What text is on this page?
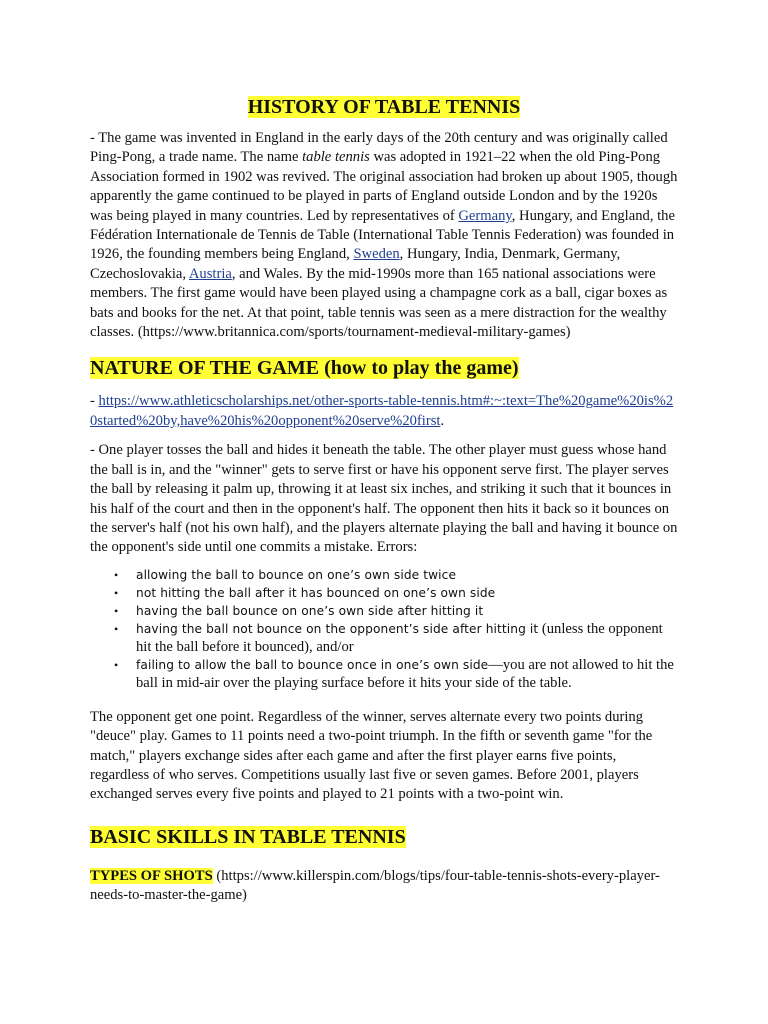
HISTORY OF TABLE TENNIS

- The game was invented in England in the early days of the 20th century and was originally called Ping-Pong, a trade name. The name table tennis was adopted in 1921–22 when the old Ping-Pong Association formed in 1902 was revived. The original association had broken up about 1905, though apparently the game continued to be played in parts of England outside London and by the 1920s was being played in many countries. Led by representatives of Germany, Hungary, and England, the Fédération Internationale de Tennis de Table (International Table Tennis Federation) was founded in 1926, the founding members being England, Sweden, Hungary, India, Denmark, Germany, Czechoslovakia, Austria, and Wales. By the mid-1990s more than 165 national associations were members. The first game would have been played using a champagne cork as a ball, cigar boxes as bats and books for the net. At that point, table tennis was seen as a mere distraction for the wealthy classes. (https://www.britannica.com/sports/tournament-medieval-military-games)

NATURE OF THE GAME (how to play the game)

- https://www.athleticscholarships.net/other-sports-table-tennis.htm#:~:text=The%20game%20is%20started%20by,have%20his%20opponent%20serve%20first.

- One player tosses the ball and hides it beneath the table. The other player must guess whose hand the ball is in, and the "winner" gets to serve first or have his opponent serve first. The player serves the ball by releasing it palm up, throwing it at least six inches, and striking it such that it bounces in his half of the court and then in the opponent's half. The opponent then hits it back so it bounces on the server's half (not his own half), and the players alternate playing the ball and having it bounce on the opponent's side until one commits a mistake. Errors:

• allowing the ball to bounce on one’s own side twice
• not hitting the ball after it has bounced on one’s own side
• having the ball bounce on one’s own side after hitting it
• having the ball not bounce on the opponent’s side after hitting it (unless the opponent hit the ball before it bounced), and/or
• failing to allow the ball to bounce once in one’s own side—you are not allowed to hit the ball in mid-air over the playing surface before it hits your side of the table.

The opponent get one point. Regardless of the winner, serves alternate every two points during "deuce" play. Games to 11 points need a two-point triumph. In the fifth or seventh game "for the match," players exchange sides after each game and after the first player earns five points, regardless of who serves. Competitions usually last five or seven games. Before 2001, players exchanged serves every five points and played to 21 points with a two-point win.

BASIC SKILLS IN TABLE TENNIS

TYPES OF SHOTS (https://www.killerspin.com/blogs/tips/four-table-tennis-shots-every-player-needs-to-master-the-game)
